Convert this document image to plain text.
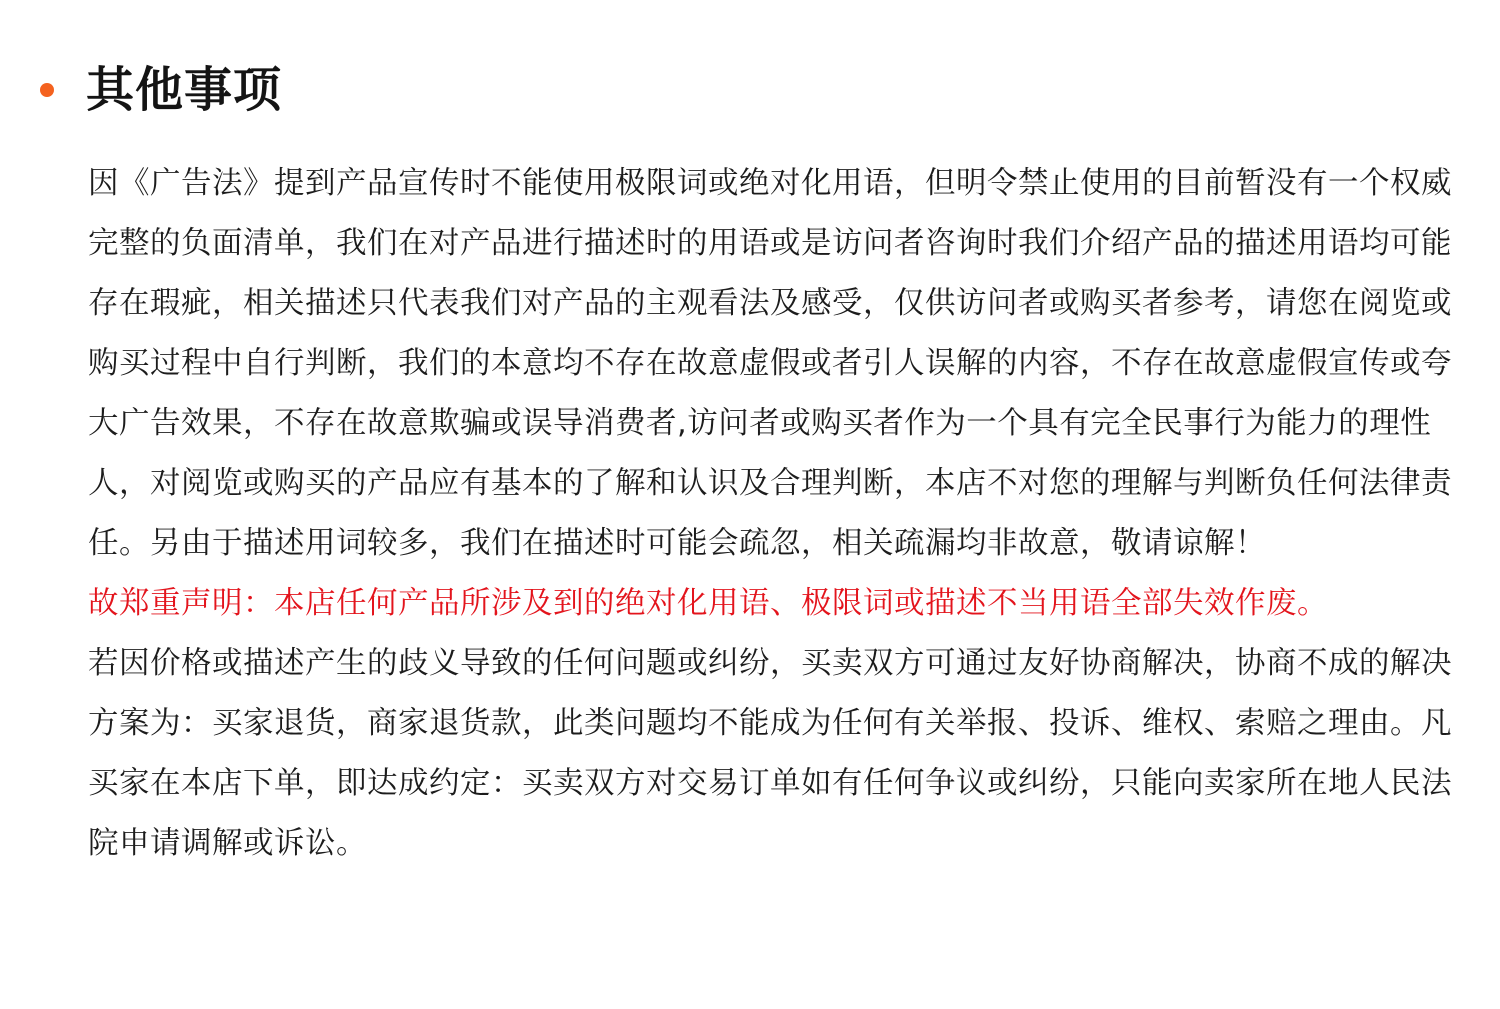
其他事项

因《广告法》提到产品宣传时不能使用极限词或绝对化用语，但明令禁止使用的目前暂没有一个权威完整的负面清单，我们在对产品进行描述时的用语或是访问者咨询时我们介绍产品的描述用语均可能存在瑕疵，相关描述只代表我们对产品的主观看法及感受，仅供访问者或购买者参考，请您在阅览或购买过程中自行判断，我们的本意均不存在故意虚假或者引人误解的内容，不存在故意虚假宣传或夸大广告效果，不存在故意欺骗或误导消费者,访问者或购买者作为一个具有完全民事行为能力的理性人，对阅览或购买的产品应有基本的了解和认识及合理判断，本店不对您的理解与判断负任何法律责任。另由于描述用词较多，我们在描述时可能会疏忽，相关疏漏均非故意，敬请谅解！

故郑重声明：本店任何产品所涉及到的绝对化用语、极限词或描述不当用语全部失效作废。

若因价格或描述产生的歧义导致的任何问题或纠纷，买卖双方可通过友好协商解决，协商不成的解决方案为：买家退货，商家退货款，此类问题均不能成为任何有关举报、投诉、维权、索赔之理由。凡买家在本店下单，即达成约定：买卖双方对交易订单如有任何争议或纠纷，只能向卖家所在地人民法院申请调解或诉讼。
